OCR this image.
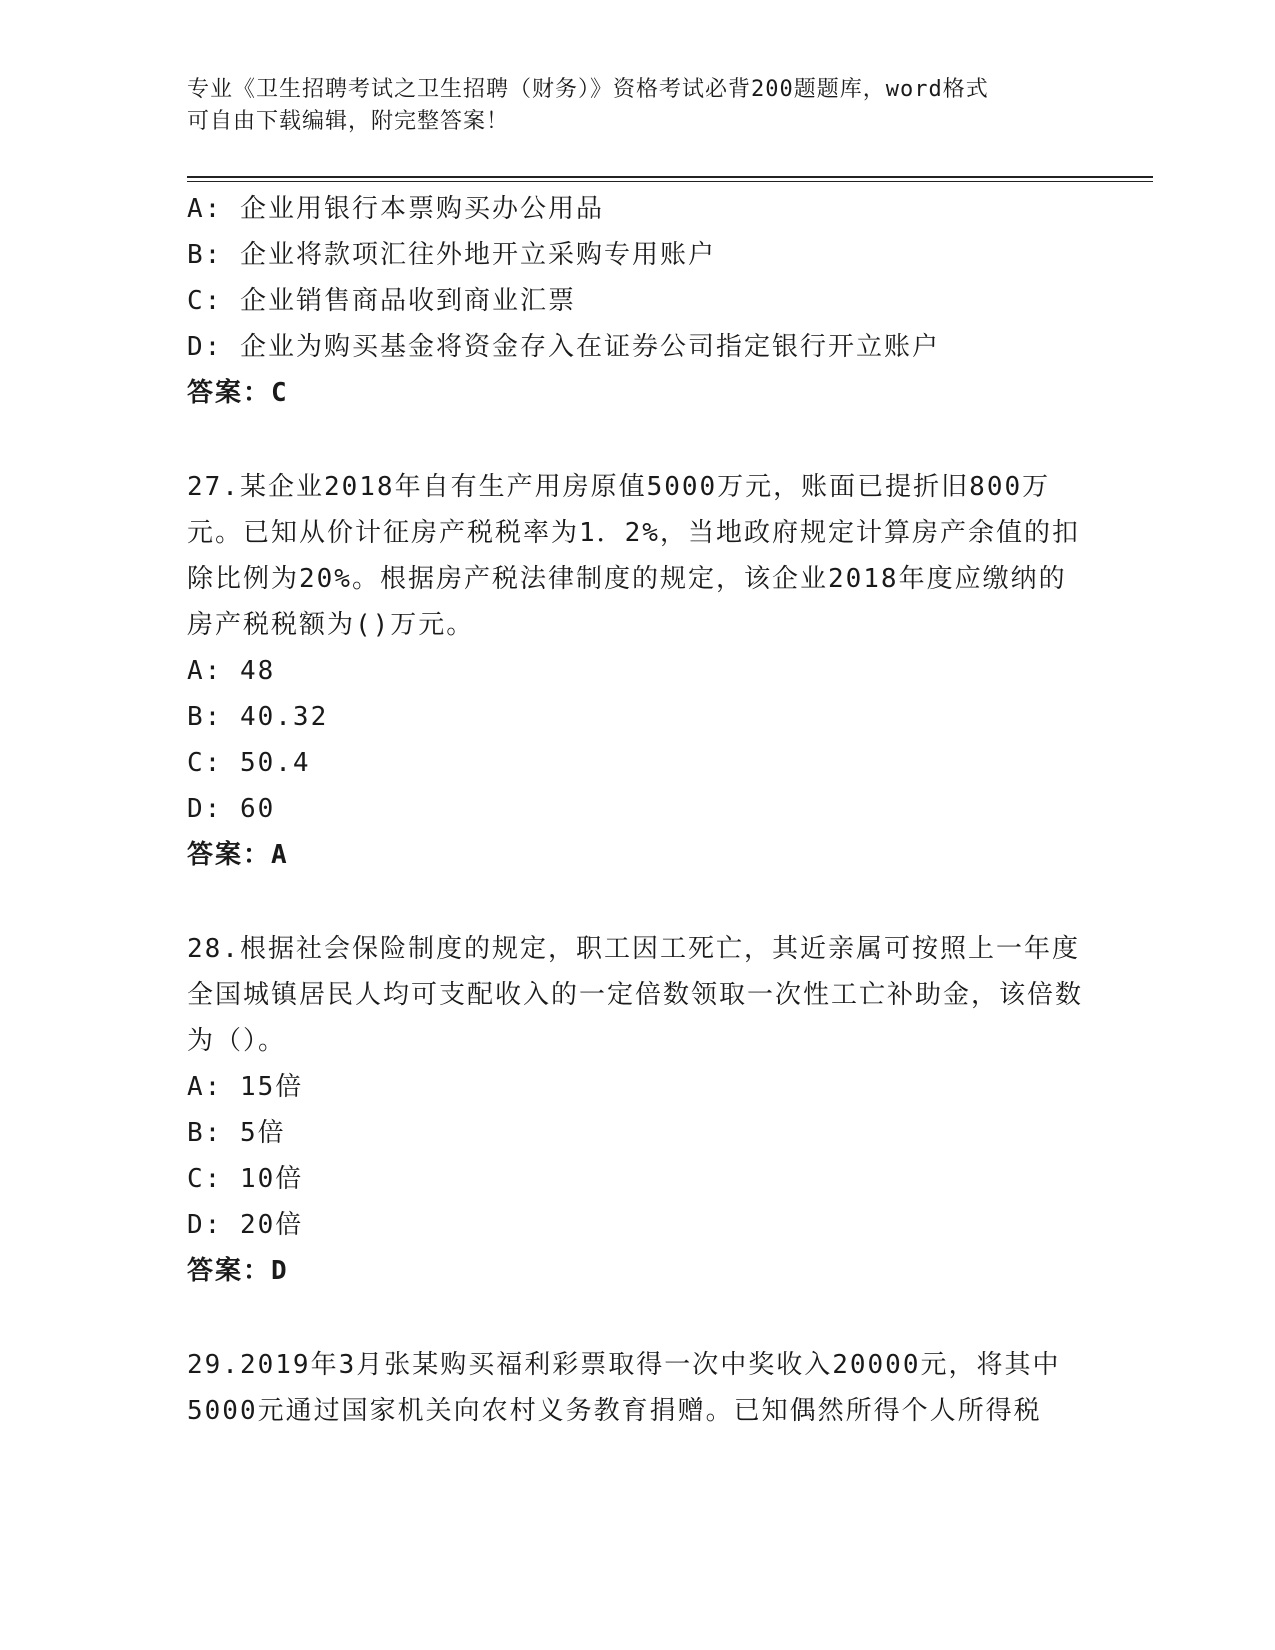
专业《卫生招聘考试之卫生招聘（财务）》资格考试必背200题题库，word格式
可自由下载编辑，附完整答案！
A: 企业用银行本票购买办公用品
B: 企业将款项汇往外地开立采购专用账户
C: 企业销售商品收到商业汇票
D: 企业为购买基金将资金存入在证券公司指定银行开立账户
答案：C
27.某企业2018年自有生产用房原值5000万元，账面已提折旧800万元。已知从价计征房产税税率为1．2%，当地政府规定计算房产余值的扣除比例为20%。根据房产税法律制度的规定，该企业2018年度应缴纳的房产税税额为()万元。
A: 48
B: 40.32
C: 50.4
D: 60
答案：A
28.根据社会保险制度的规定，职工因工死亡，其近亲属可按照上一年度全国城镇居民人均可支配收入的一定倍数领取一次性工亡补助金，该倍数为（）。
A: 15倍
B: 5倍
C: 10倍
D: 20倍
答案：D
29.2019年3月张某购买福利彩票取得一次中奖收入20000元，将其中5000元通过国家机关向农村义务教育捐赠。已知偶然所得个人所得税
